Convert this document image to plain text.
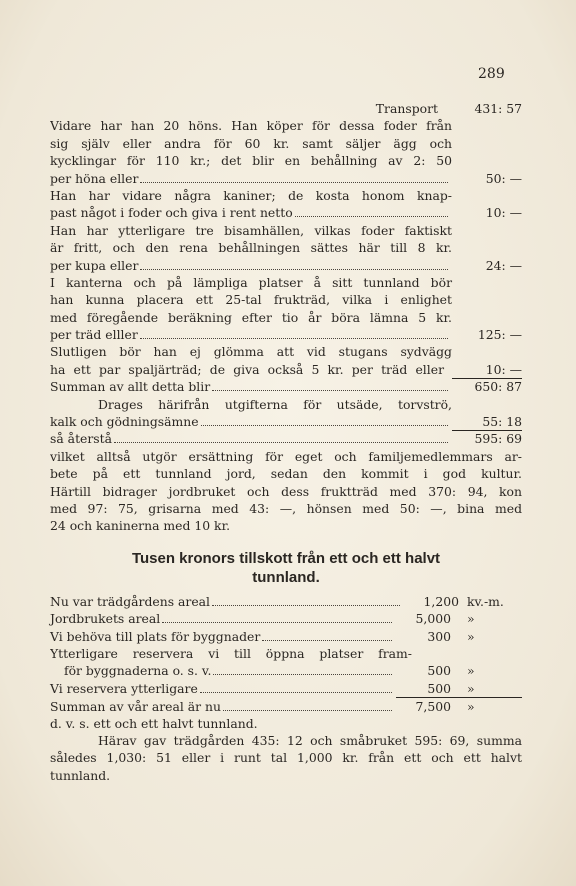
289
Transport	431: 57
Vidare har han 20 höns. Han köper för dessa foder från
sig själv eller andra för 60 kr. samt säljer ägg och
kycklingar för 110 kr.; det blir en behållning av 2: 50
per höna eller	50: —
Han har vidare några kaniner; de kosta honom knap-
past något i foder och giva i rent netto	10: —
Han har ytterligare tre bisamhällen, vilkas foder faktiskt
är fritt, och den rena behållningen sättes här till 8 kr.
per kupa eller	24: —
I kanterna och på lämpliga platser å sitt tunnland bör
han kunna placera ett 25-tal frukträd, vilka i enlighet
med föregående beräkning efter tio år böra lämna 5 kr.
per träd elller	125: —
Slutligen bör han ej glömma att vid stugans sydvägg
ha ett par spaljärträd; de giva också 5 kr. per träd eller	10: —
Summan av allt detta blir	650: 87
Drages härifrån utgifterna för utsäde, torvströ,
kalk och gödningsämne	55: 18
så återstå	595: 69
vilket alltså utgör ersättning för eget och familjemedlemmars ar-
bete på ett tunnland jord, sedan den kommit i god kultur.
Härtill bidrager jordbruket och dess fruktträd med 370: 94, kon
med 97: 75, grisarna med 43: —, hönsen med 50: —, bina med
24 och kaninerna med 10 kr.
Tusen kronors tillskott från ett och ett halvt
tunnland.
Nu var trädgårdens areal	1,200 kv.-m.
Jordbrukets areal	5,000	»
Vi behöva till plats för byggnader	300	»
Ytterligare reservera vi till öppna platser fram-
för byggnaderna o. s. v.	500	»
Vi reservera ytterligare	500	»
Summan av vår areal är nu	7,500	»
d. v. s. ett och ett halvt tunnland.
Härav gav trädgården 435: 12 och småbruket 595: 69, summa
således 1,030: 51 eller i runt tal 1,000 kr. från ett och ett halvt
tunnland.
